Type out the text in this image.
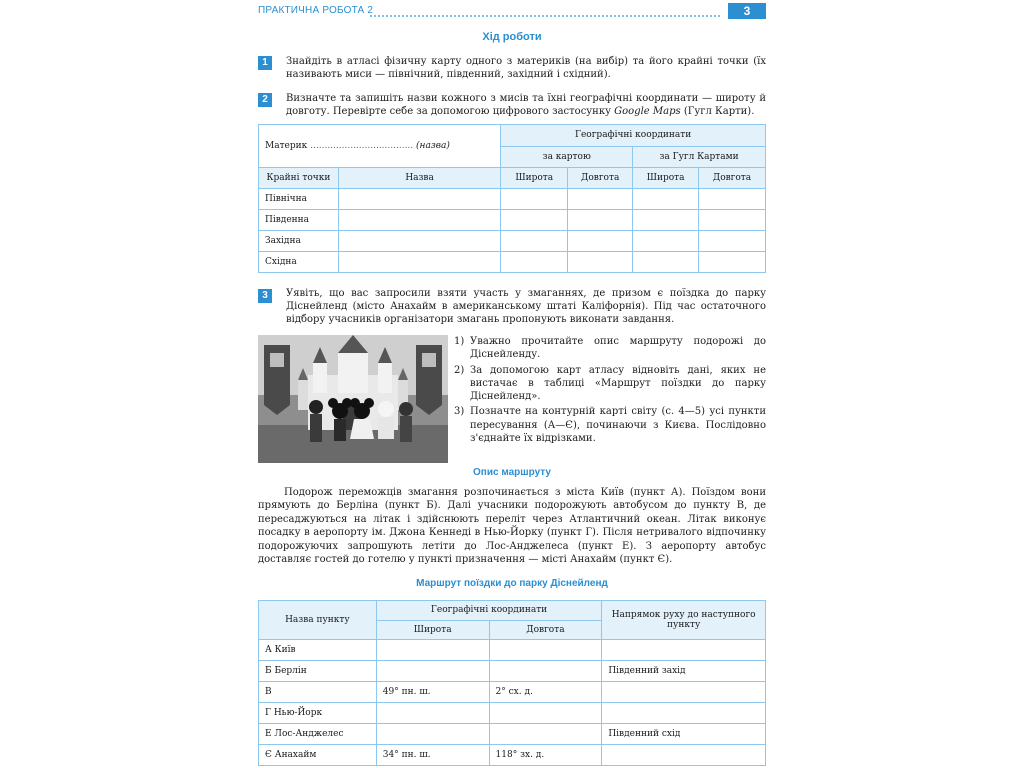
ПРАКТИЧНА РОБОТА 2	3
Хід роботи
1	Знайдіть в атласі фізичну карту одного з материків (на вибір) та його крайні точки (їх називають миси — північний, південний, західний і східний).
2	Визначте та запишіть назви кожного з мисів та їхні географічні координати — широту й довготу. Перевірте себе за допомогою цифрового застосунку Google Maps (Гугл Карти).
Материк .................................... (назва)		Географічні координати			
		за картою		за Гугл Картами	
Крайні точки	Назва	Широта	Довгота	Широта	Довгота
Північна					
Південна					
Західна					
Східна					
3	Уявіть, що вас запросили взяти участь у змаганнях, де призом є поїздка до парку Діснейленд (місто Анахайм в американському штаті Каліфорнія). Під час остаточного відбору учасників організатори змагань пропонують виконати завдання.
1) Уважно прочитайте опис маршруту подорожі до Діснейленду.
2) За допомогою карт атласу відновіть дані, яких не вистачає в таблиці «Маршрут поїздки до парку Діснейленд».
3) Позначте на контурній карті світу (с. 4—5) усі пункти пересування (А—Є), починаючи з Києва. Послідовно з'єднайте їх відрізками.
Опис маршруту
Подорож переможців змагання розпочинається з міста Київ (пункт А). Поїздом вони прямують до Берліна (пункт Б). Далі учасники подорожують автобусом до пункту В, де пересаджуються на літак і здійснюють переліт через Атлантичний океан. Літак виконує посадку в аеропорту ім. Джона Кеннеді в Нью-Йорку (пункт Г). Після нетривалого відпочинку подорожуючих запрошують летіти до Лос-Анджелеса (пункт Е). З аеропорту автобус доставляє гостей до готелю у пункті призначення — місті Анахайм (пункт Є).
Маршрут поїздки до парку Діснейленд
Назва пункту	Географічні координати		Напрямок руху до наступного пункту
	Широта	Довгота	
А Київ			
Б Берлін			Південний захід
В	49° пн. ш.	2° сх. д.	
Г Нью-Йорк			
Е Лос-Анджелес			Південний схід
Є Анахайм	34° пн. ш.	118° зх. д.	
